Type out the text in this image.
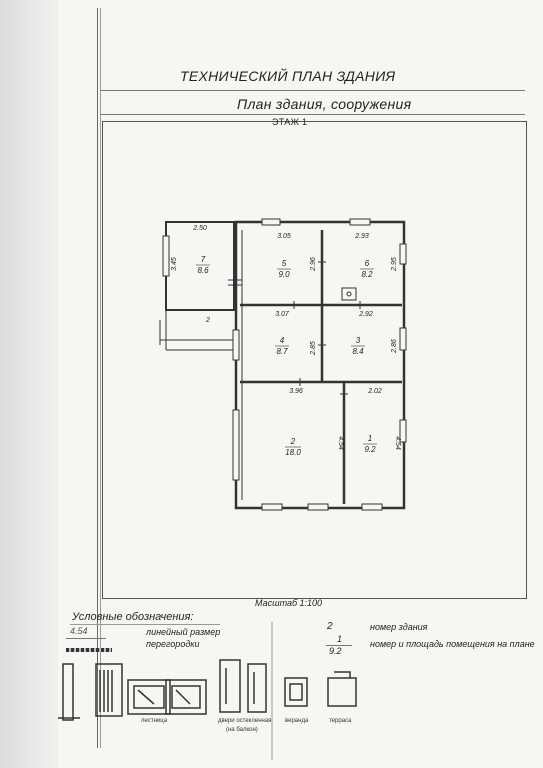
ТЕХНИЧЕСКИЙ ПЛАН ЗДАНИЯ
План здания, сооружения
ЭТАЖ 1
7
8.6
5
9.0
6
8.2
4
8.7
3
8.4
2
18.0
1
9.2
2.50
3.45
3.05
2.96
2.93
2.95
2
3.07	2.92
2.85	2.86
3.96	2.02
4.54	4.54
Масштаб 1:100
Условные обозначения:
4.54	линейный размер
перегородки
2	номер здания
1
9.2
номер и площадь помещения на плане
лестница	двери остекленная
(на балкон)
веранда	терраса
